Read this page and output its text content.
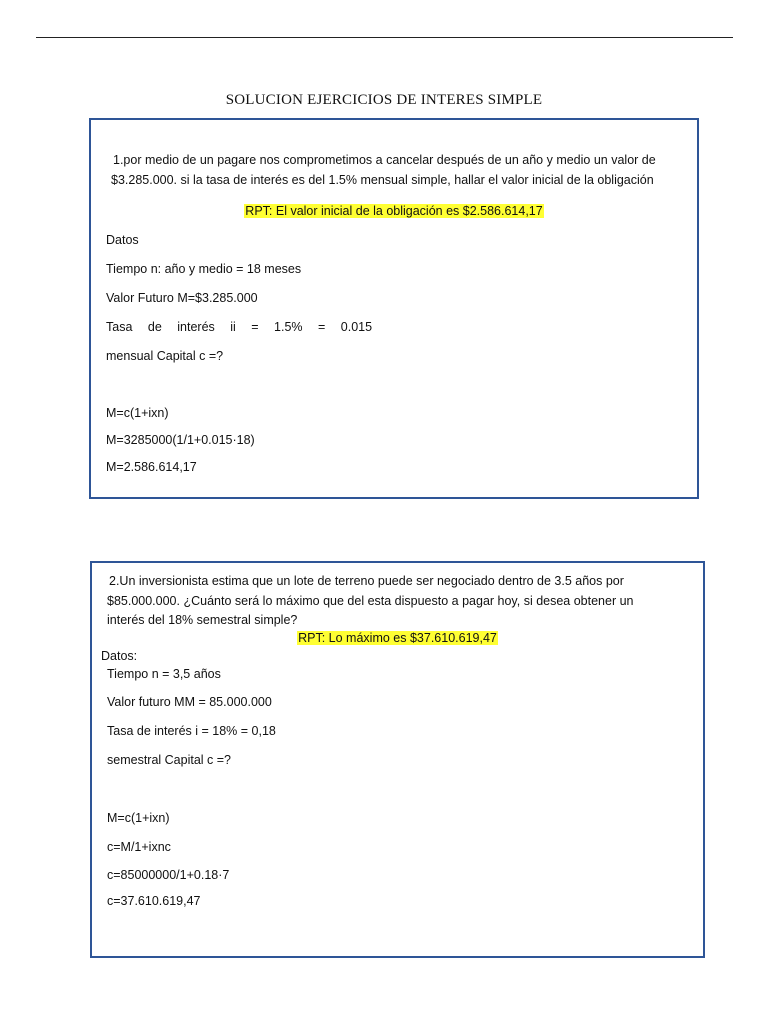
SOLUCION EJERCICIOS DE INTERES SIMPLE
1.por medio de un pagare nos comprometimos a cancelar después de un año y medio un valor de
$3.285.000. si la tasa de interés es del 1.5% mensual simple, hallar el valor inicial de la obligación
RPT: El valor inicial de la obligación es $2.586.614,17
Datos
Tiempo n: año y medio = 18 meses
Valor Futuro M=$3.285.000
Tasa de interés ii = 1.5% = 0.015
mensual Capital c =?
M=c(1+ixn)
M=3285000(1/1+0.015·18)
M=2.586.614,17
2.Un inversionista estima que un lote de terreno puede ser negociado dentro de 3.5 años por
$85.000.000. ¿Cuánto será lo máximo que del esta dispuesto a pagar hoy, si desea obtener un
interés del 18% semestral simple?
RPT: Lo máximo es $37.610.619,47
Datos:
Tiempo n = 3,5 años
Valor futuro MM = 85.000.000
Tasa de interés i = 18% = 0,18
semestral Capital c =?
M=c(1+ixn)
c=M/1+ixnc
c=85000000/1+0.18·7
c=37.610.619,47
